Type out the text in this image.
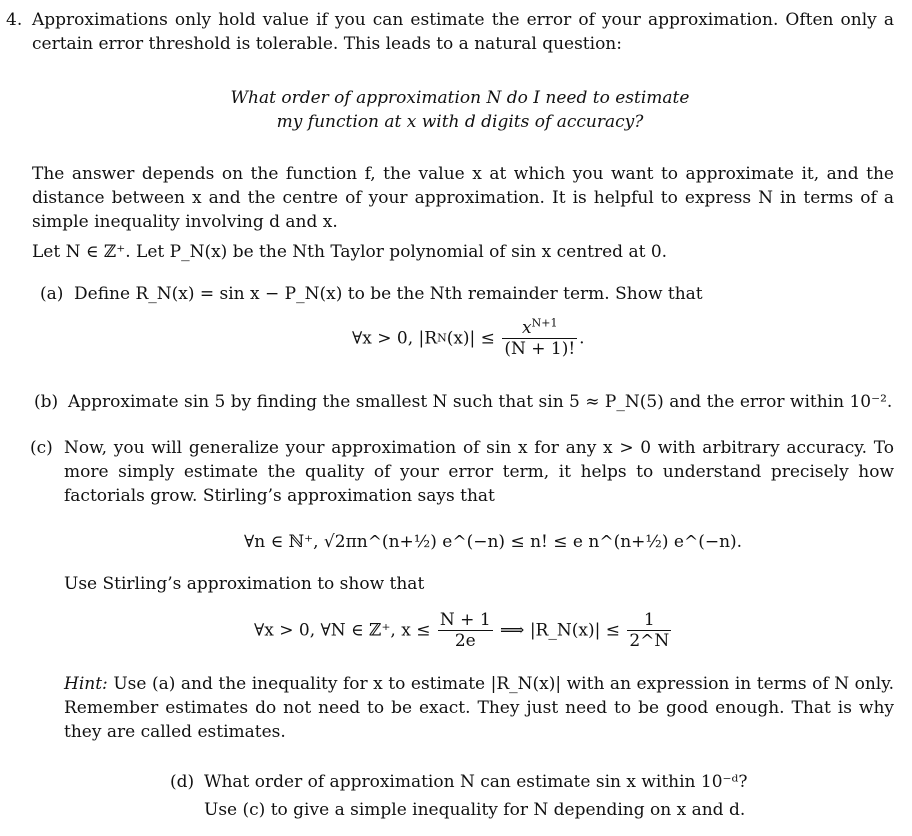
4. Approximations only hold value if you can estimate the error of your approximation. Often only a certain error threshold is tolerable. This leads to a natural question:
What order of approximation N do I need to estimate
my function at x with d digits of accuracy?
The answer depends on the function f, the value x at which you want to approximate it, and the distance between x and the centre of your approximation. It is helpful to express N in terms of a simple inequality involving d and x.
Let N ∈ ℤ⁺. Let P_N(x) be the Nth Taylor polynomial of sin x centred at 0.
(a) Define R_N(x) = sin x − P_N(x) to be the Nth remainder term. Show that
∀x > 0, $|RN(x)| \le \frac{x^{N+1}}{(N + 1)!}$ .
(b) Approximate sin 5 by finding the smallest N such that sin 5 ≈ P_N(5) and the error within 10⁻².
(c) Now, you will generalize your approximation of sin x for any x > 0 with arbitrary accuracy. To more simply estimate the quality of your error term, it helps to understand precisely how factorials grow. Stirling’s approximation says that
∀n ∈ ℕ⁺, √2πn^(n+½) e^(−n) ≤ n! ≤ e n^(n+½) e^(−n).
Use Stirling’s approximation to show that
∀x > 0, ∀N ∈ ℤ⁺, $x \le \frac{N + 1}{2e}$ ⟹ |R_N(x)| ≤ $\frac{1}{2\^{}N}$
Hint: Use (a) and the inequality for x to estimate |R_N(x)| with an expression in terms of N only. Remember estimates do not need to be exact. They just need to be good enough. That is why they are called estimates.
(d) What order of approximation N can estimate sin x within 10⁻ᵈ?
Use (c) to give a simple inequality for N depending on x and d.
